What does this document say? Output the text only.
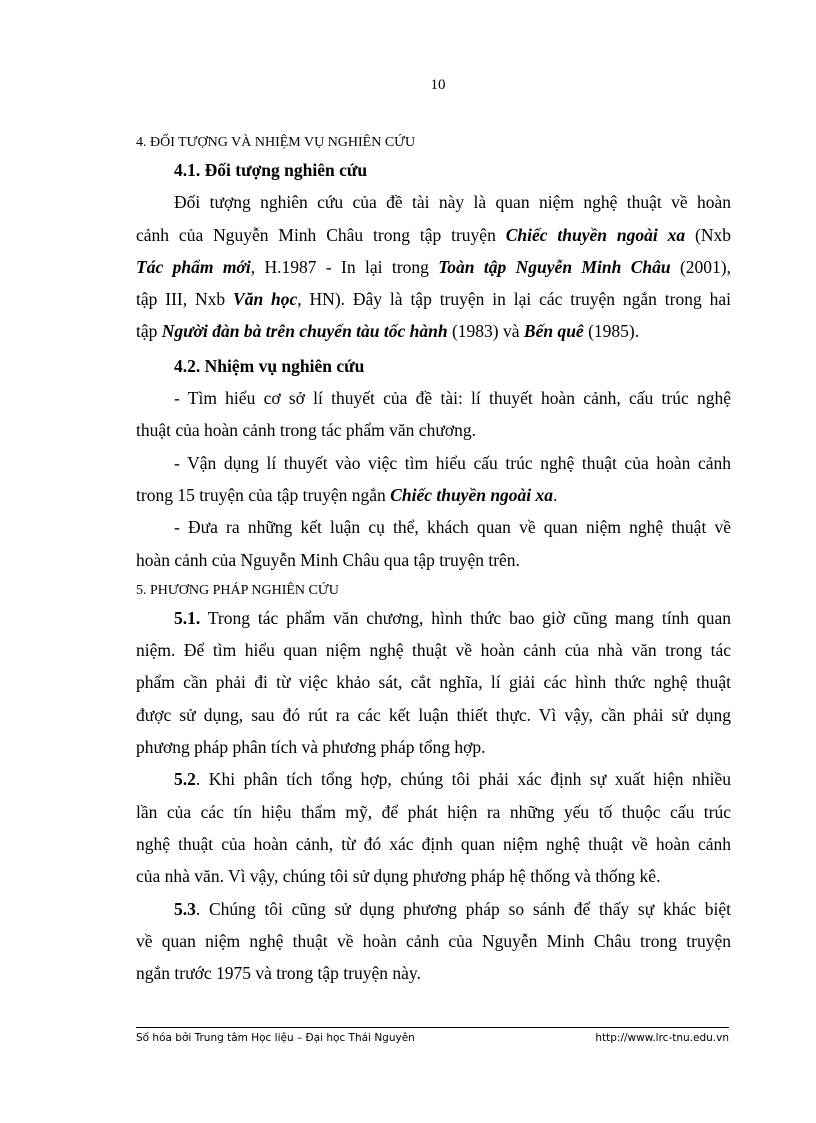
10
4. ĐỐI TƯỢNG VÀ NHIỆM VỤ NGHIÊN CỨU
4.1. Đối tượng nghiên cứu
Đối tượng nghiên cứu của đề tài này là quan niệm nghệ thuật về hoàn
cảnh của Nguyễn Minh Châu trong tập truyện Chiếc thuyền ngoài xa (Nxb
Tác phẩm mới, H.1987 - In lại trong Toàn tập Nguyễn Minh Châu (2001),
tập III, Nxb Văn học, HN). Đây là tập truyện in lại các truyện ngắn trong hai
tập Người đàn bà trên chuyến tàu tốc hành (1983) và Bến quê (1985).
4.2. Nhiệm vụ nghiên cứu
- Tìm hiểu cơ sở lí thuyết của đề tài: lí thuyết hoàn cảnh, cấu trúc nghệ
thuật của hoàn cảnh trong tác phẩm văn chương.
- Vận dụng lí thuyết vào việc tìm hiểu cấu trúc nghệ thuật của hoàn cảnh
trong 15 truyện của tập truyện ngắn Chiếc thuyền ngoài xa.
- Đưa ra những kết luận cụ thể, khách quan về quan niệm nghệ thuật về
hoàn cảnh của Nguyễn Minh Châu qua tập truyện trên.
5. PHƯƠNG PHÁP NGHIÊN CỨU
5.1. Trong tác phẩm văn chương, hình thức bao giờ cũng mang tính quan
niệm. Để tìm hiểu quan niệm nghệ thuật về hoàn cảnh của nhà văn trong tác
phẩm cần phải đi từ việc khảo sát, cắt nghĩa, lí giải các hình thức nghệ thuật
được sử dụng, sau đó rút ra các kết luận thiết thực. Vì vậy, cần phải sử dụng
phương pháp phân tích và phương pháp tổng hợp.
5.2. Khi phân tích tổng hợp, chúng tôi phải xác định sự xuất hiện nhiều
lần của các tín hiệu thẩm mỹ, để phát hiện ra những yếu tố thuộc cấu trúc
nghệ thuật của hoàn cảnh, từ đó xác định quan niệm nghệ thuật về hoàn cảnh
của nhà văn. Vì vậy, chúng tôi sử dụng phương pháp hệ thống và thống kê.
5.3. Chúng tôi cũng sử dụng phương pháp so sánh để thấy sự khác biệt
về quan niệm nghệ thuật về hoàn cảnh của Nguyễn Minh Châu trong truyện
ngắn trước 1975 và trong tập truyện này.
Số hóa bởi Trung tâm Học liệu – Đại học Thái Nguyên	http://www.lrc-tnu.edu.vn
